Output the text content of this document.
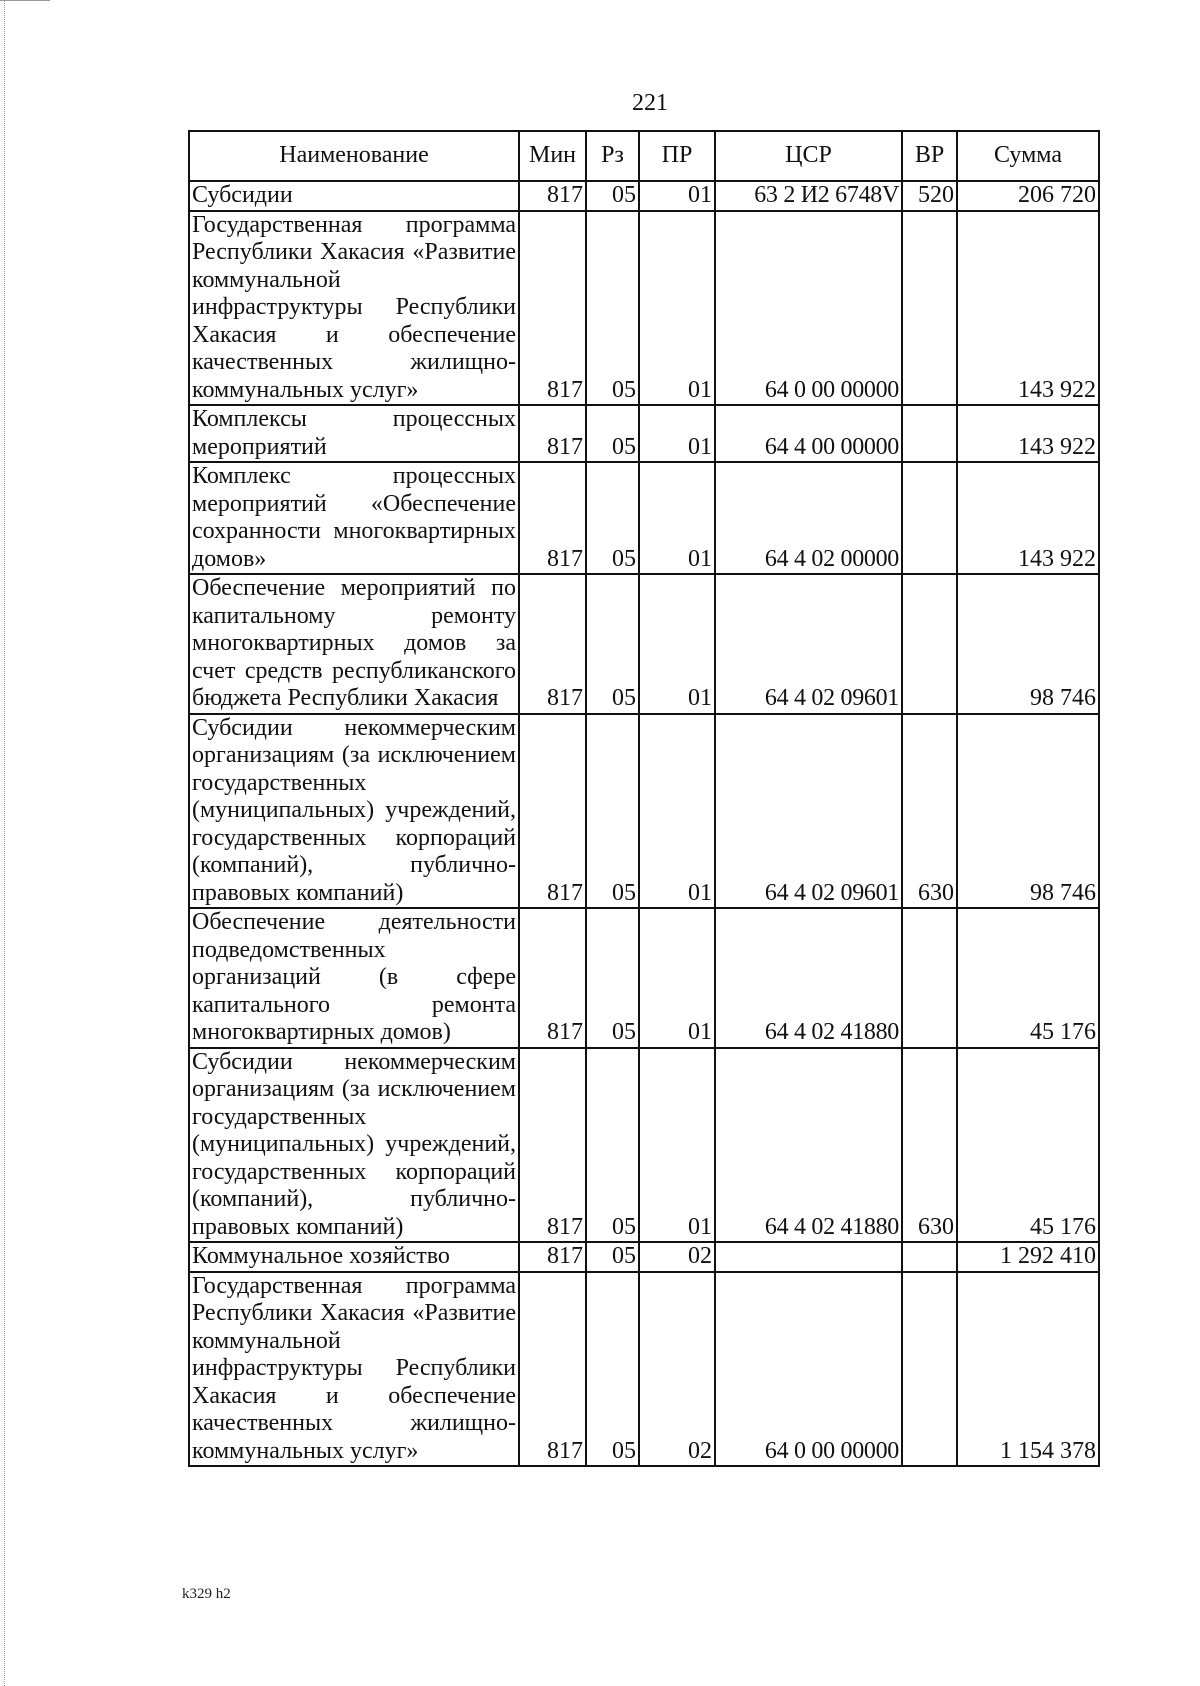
221
Наименование	Мин	Рз	ПР	ЦСР	ВР	Сумма
Субсидии	817	05	01	63 2 И2 6748V	520	206 720
Государственная программа Республики Хакасия «Развитие коммунальной инфраструктуры Республики Хакасия и обеспечение качественных жилищно-коммунальных услуг»	817	05	01	64 0 00 00000		143 922
Комплексы процессных мероприятий	817	05	01	64 4 00 00000		143 922
Комплекс процессных мероприятий «Обеспечение сохранности многоквартирных домов»	817	05	01	64 4 02 00000		143 922
Обеспечение мероприятий по капитальному ремонту многоквартирных домов за счет средств республиканского бюджета Республики Хакасия	817	05	01	64 4 02 09601		98 746
Субсидии некоммерческим организациям (за исключением государственных (муниципальных) учреждений, государственных корпораций (компаний), публично-правовых компаний)	817	05	01	64 4 02 09601	630	98 746
Обеспечение деятельности подведомственных организаций (в сфере капитального ремонта многоквартирных домов)	817	05	01	64 4 02 41880		45 176
Субсидии некоммерческим организациям (за исключением государственных (муниципальных) учреждений, государственных корпораций (компаний), публично-правовых компаний)	817	05	01	64 4 02 41880	630	45 176
Коммунальное хозяйство	817	05	02			1 292 410
Государственная программа Республики Хакасия «Развитие коммунальной инфраструктуры Республики Хакасия и обеспечение качественных жилищно-коммунальных услуг»	817	05	02	64 0 00 00000		1 154 378
k329 h2
